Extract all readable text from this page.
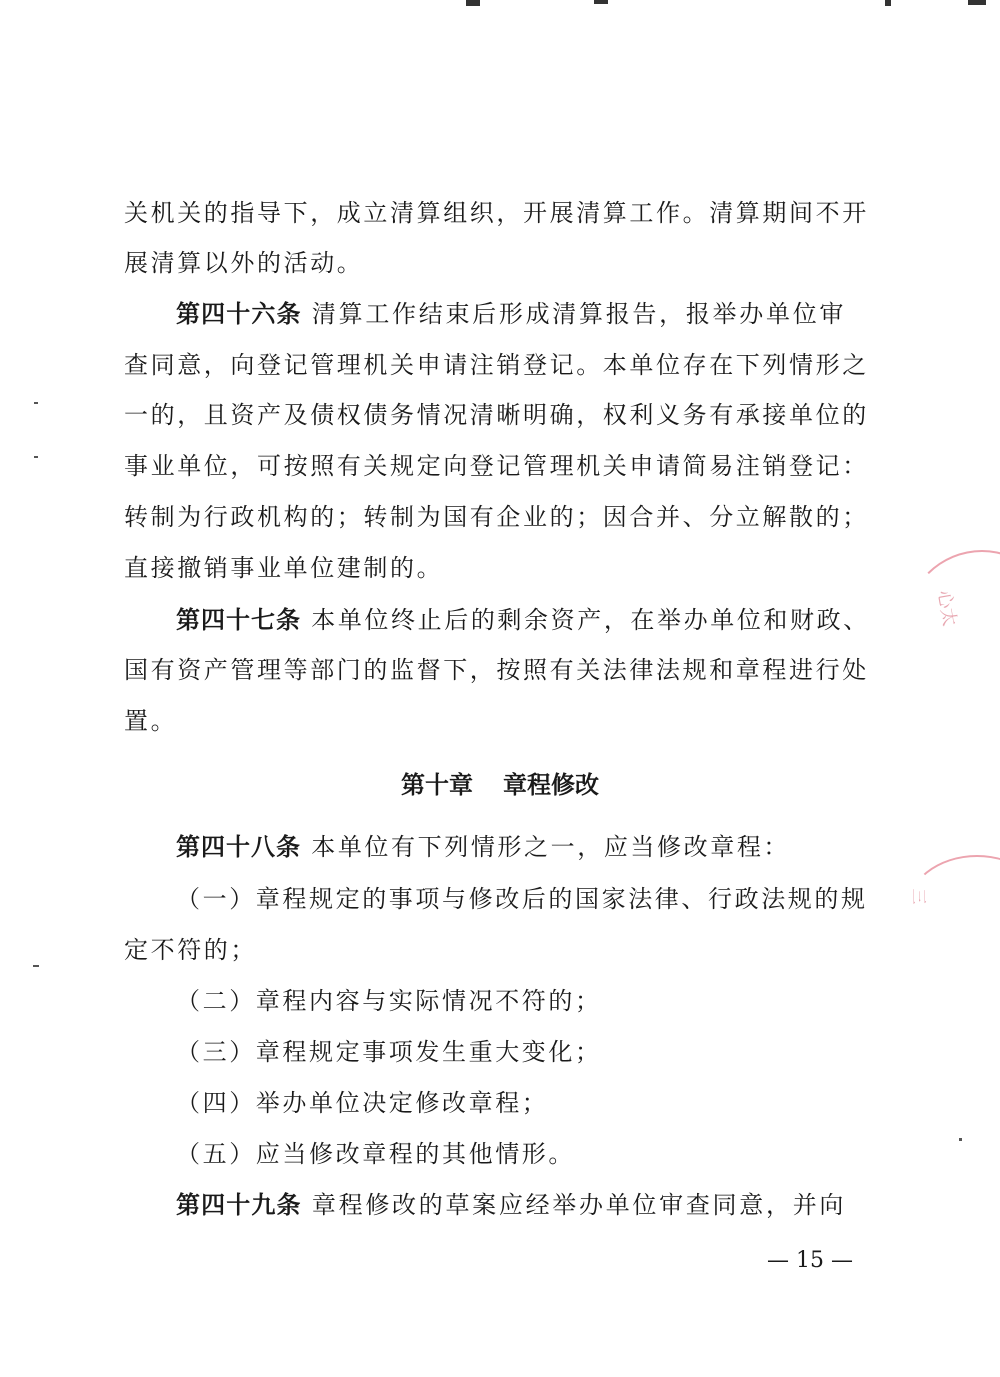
心太
三
关机关的指导下，成立清算组织，开展清算工作。清算期间不开
展清算以外的活动。
第四十六条 清算工作结束后形成清算报告，报举办单位审
查同意，向登记管理机关申请注销登记。本单位存在下列情形之
一的，且资产及债权债务情况清晰明确，权利义务有承接单位的
事业单位，可按照有关规定向登记管理机关申请简易注销登记：
转制为行政机构的；转制为国有企业的；因合并、分立解散的；
直接撤销事业单位建制的。
第四十七条 本单位终止后的剩余资产，在举办单位和财政、
国有资产管理等部门的监督下，按照有关法律法规和章程进行处
置。
第十章 章程修改
第四十八条 本单位有下列情形之一，应当修改章程：
（一）章程规定的事项与修改后的国家法律、行政法规的规
定不符的；
（二）章程内容与实际情况不符的；
（三）章程规定事项发生重大变化；
（四）举办单位决定修改章程；
（五）应当修改章程的其他情形。
第四十九条 章程修改的草案应经举办单位审查同意，并向
— 15 —
